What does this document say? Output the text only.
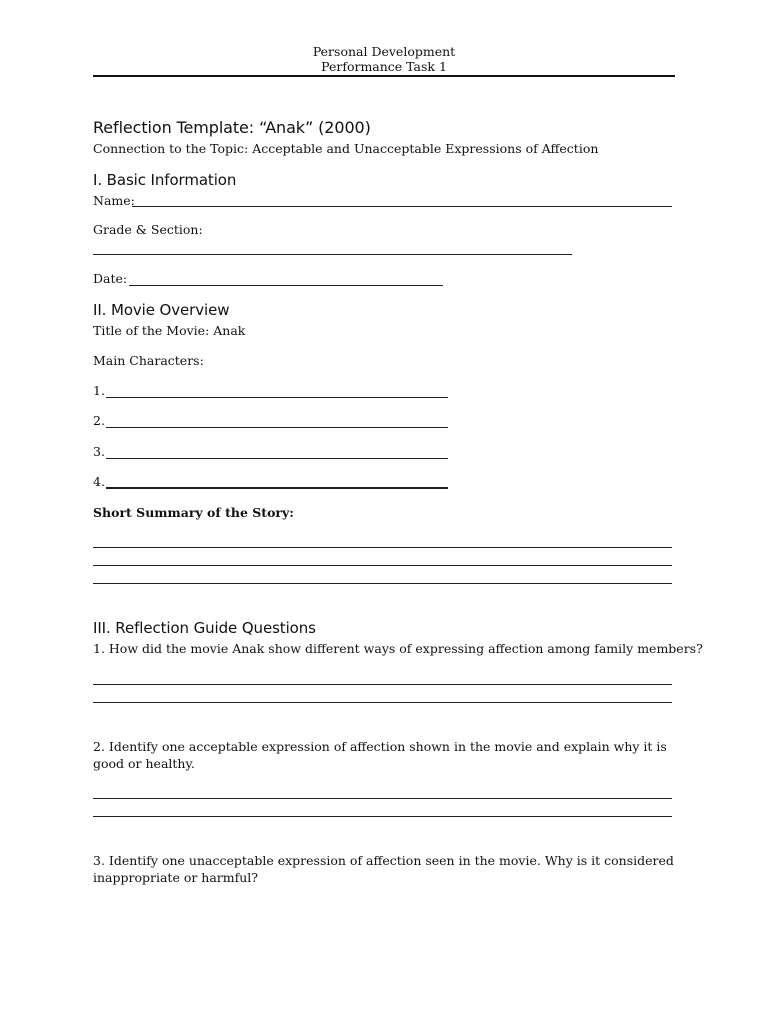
Personal Development
Performance Task 1
Reflection Template: “Anak” (2000)
Connection to the Topic: Acceptable and Unacceptable Expressions of Affection
I. Basic Information
Name:
Grade & Section:
Date:
II. Movie Overview
Title of the Movie: Anak
Main Characters:
1.
2.
3.
4.
Short Summary of the Story:
III. Reflection Guide Questions
1. How did the movie Anak show different ways of expressing affection among family members?
2. Identify one acceptable expression of affection shown in the movie and explain why it is good or healthy.
3. Identify one unacceptable expression of affection seen in the movie. Why is it considered inappropriate or harmful?
